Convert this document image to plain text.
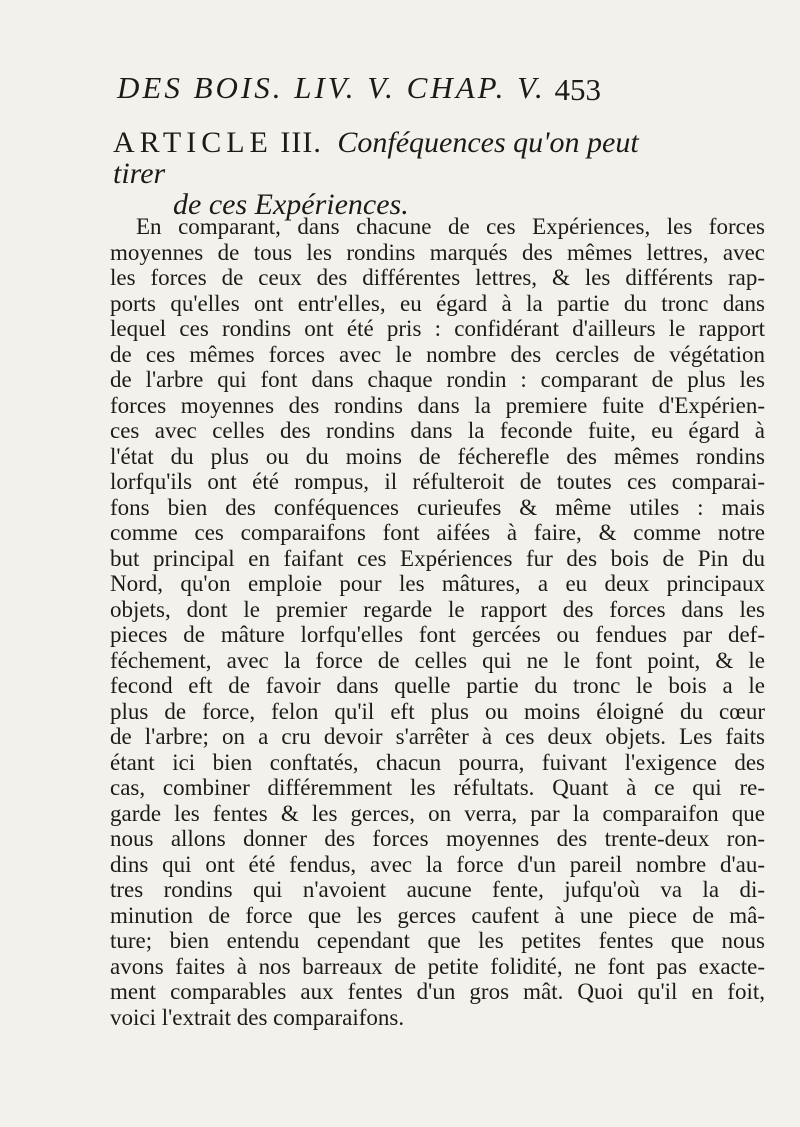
DES BOIS. LIV. V. CHAP. V. 453
ARTICLE III. Conféquences qu'on peut tirer
de ces Expériences.
En comparant, dans chacune de ces Expériences, les forces
moyennes de tous les rondins marqués des mêmes lettres, avec
les forces de ceux des différentes lettres, & les différents rap-
ports qu'elles ont entr'elles, eu égard à la partie du tronc dans
lequel ces rondins ont été pris : confidérant d'ailleurs le rapport
de ces mêmes forces avec le nombre des cercles de végétation
de l'arbre qui font dans chaque rondin : comparant de plus les
forces moyennes des rondins dans la premiere fuite d'Expérien-
ces avec celles des rondins dans la feconde fuite, eu égard à
l'état du plus ou du moins de fécherefle des mêmes rondins
lorfqu'ils ont été rompus, il réfulteroit de toutes ces comparai-
fons bien des conféquences curieufes & même utiles : mais
comme ces comparaifons font aifées à faire, & comme notre
but principal en faifant ces Expériences fur des bois de Pin du
Nord, qu'on emploie pour les mâtures, a eu deux principaux
objets, dont le premier regarde le rapport des forces dans les
pieces de mâture lorfqu'elles font gercées ou fendues par def-
féchement, avec la force de celles qui ne le font point, & le
fecond eft de favoir dans quelle partie du tronc le bois a le
plus de force, felon qu'il eft plus ou moins éloigné du cœur
de l'arbre; on a cru devoir s'arrêter à ces deux objets. Les faits
étant ici bien conftatés, chacun pourra, fuivant l'exigence des
cas, combiner différemment les réfultats. Quant à ce qui re-
garde les fentes & les gerces, on verra, par la comparaifon que
nous allons donner des forces moyennes des trente-deux ron-
dins qui ont été fendus, avec la force d'un pareil nombre d'au-
tres rondins qui n'avoient aucune fente, jufqu'où va la di-
minution de force que les gerces caufent à une piece de mâ-
ture; bien entendu cependant que les petites fentes que nous
avons faites à nos barreaux de petite folidité, ne font pas exacte-
ment comparables aux fentes d'un gros mât. Quoi qu'il en foit,
voici l'extrait des comparaifons.
